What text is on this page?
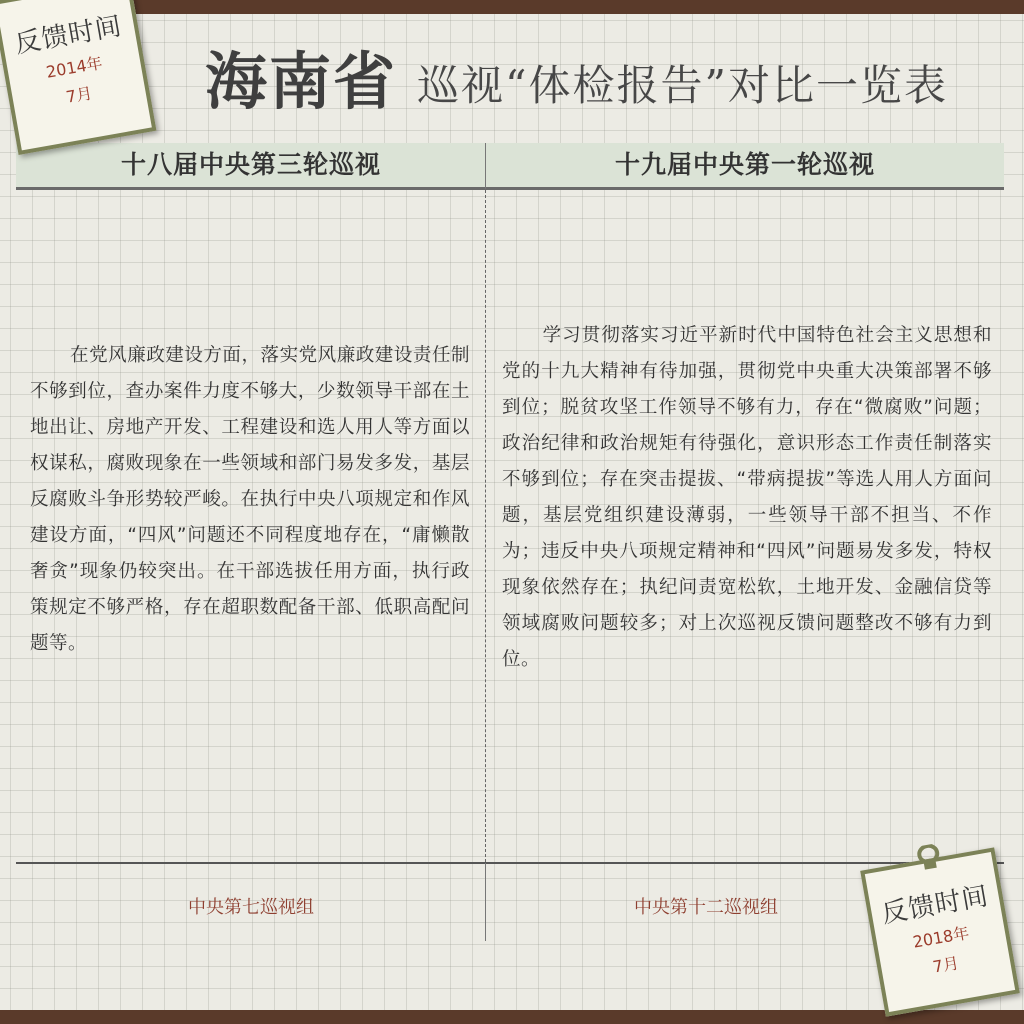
海南省 巡视“体检报告”对比一览表
十八届中央第三轮巡视	十九届中央第一轮巡视
在党风廉政建设方面，落实党风廉政建设责任制不够到位，查办案件力度不够大，少数领导干部在土地出让、房地产开发、工程建设和选人用人等方面以权谋私，腐败现象在一些领域和部门易发多发，基层反腐败斗争形势较严峻。在执行中央八项规定和作风建设方面，“四风”问题还不同程度地存在，“庸懒散奢贪”现象仍较突出。在干部选拔任用方面，执行政策规定不够严格，存在超职数配备干部、低职高配问题等。
学习贯彻落实习近平新时代中国特色社会主义思想和党的十九大精神有待加强，贯彻党中央重大决策部署不够到位；脱贫攻坚工作领导不够有力，存在“微腐败”问题；政治纪律和政治规矩有待强化，意识形态工作责任制落实不够到位；存在突击提拔、“带病提拔”等选人用人方面问题，基层党组织建设薄弱，一些领导干部不担当、不作为；违反中央八项规定精神和“四风”问题易发多发，特权现象依然存在；执纪问责宽松软，土地开发、金融信贷等领域腐败问题较多；对上次巡视反馈问题整改不够有力到位。
中央第七巡视组	中央第十二巡视组
反馈时间
2014年
7月
反馈时间
2018年
7月
